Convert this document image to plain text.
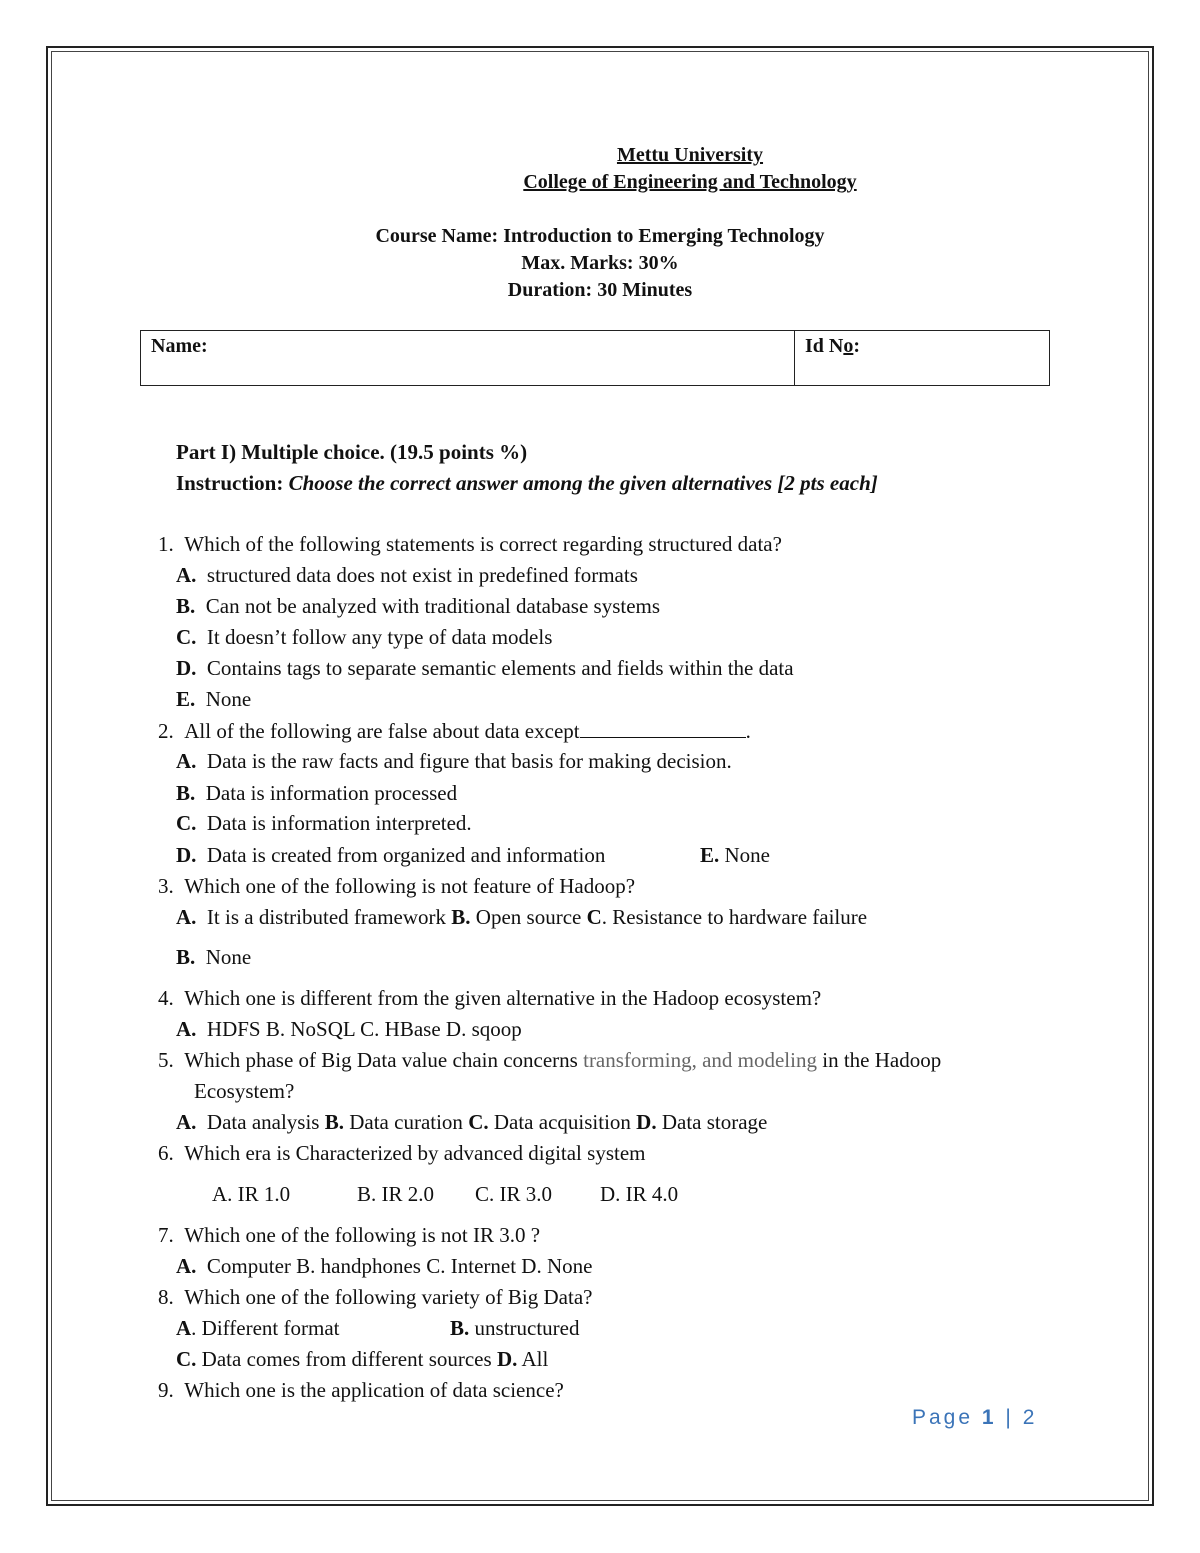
Mettu University
College of Engineering and Technology
Course Name: Introduction to Emerging Technology
Max. Marks: 30%
Duration: 30 Minutes
Name:	Id No:
Part I) Multiple choice. (19.5 points %)
Instruction: Choose the correct answer among the given alternatives [2 pts each]
1. Which of the following statements is correct regarding structured data?
A. structured data does not exist in predefined formats
B. Can not be analyzed with traditional database systems
C. It doesn’t follow any type of data models
D. Contains tags to separate semantic elements and fields within the data
E. None
2. All of the following are false about data except	.
A. Data is the raw facts and figure that basis for making decision.
B. Data is information processed
C. Data is information interpreted.
D. Data is created from organized and information	E. None
3. Which one of the following is not feature of Hadoop?
A. It is a distributed framework B. Open source C. Resistance to hardware failure
B. None
4. Which one is different from the given alternative in the Hadoop ecosystem?
A. HDFS B. NoSQL C. HBase D. sqoop
5. Which phase of Big Data value chain concerns transforming, and modeling in the Hadoop
Ecosystem?
A. Data analysis B. Data curation C. Data acquisition D. Data storage
6. Which era is Characterized by advanced digital system
A. IR 1.0	B. IR 2.0 C. IR 3.0 D. IR 4.0
7. Which one of the following is not IR 3.0 ?
A. Computer B. handphones C. Internet D. None
8. Which one of the following variety of Big Data?
A. Different format	B. unstructured
C. Data comes from different sources D. All
9. Which one is the application of data science?
Page 1 | 2
